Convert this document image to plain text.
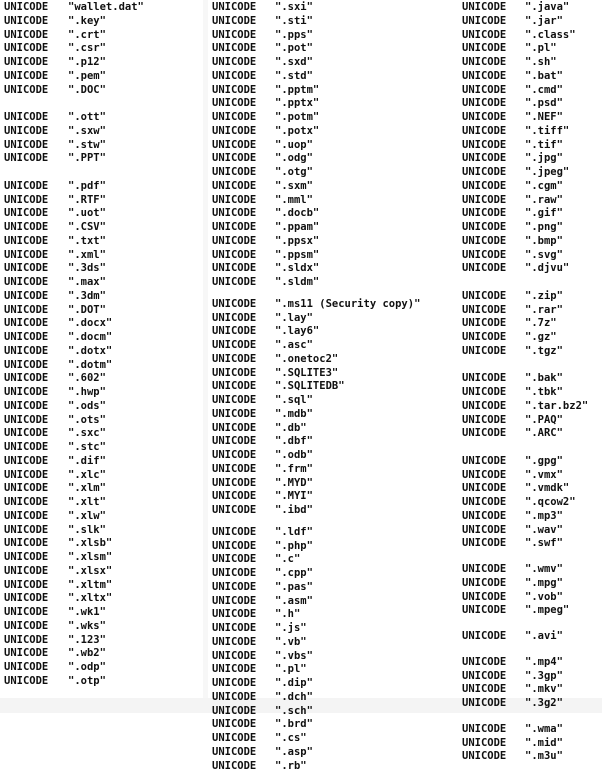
UNICODE "wallet.dat"
UNICODE ".key"
UNICODE ".crt"
UNICODE ".csr"
UNICODE ".p12"
UNICODE ".pem"
UNICODE ".DOC"
UNICODE ".ott"
UNICODE ".sxw"
UNICODE ".stw"
UNICODE ".PPT"
UNICODE ".pdf"
UNICODE ".RTF"
UNICODE ".uot"
UNICODE ".CSV"
UNICODE ".txt"
UNICODE ".xml"
UNICODE ".3ds"
UNICODE ".max"
UNICODE ".3dm"
UNICODE ".DOT"
UNICODE ".docx"
UNICODE ".docm"
UNICODE ".dotx"
UNICODE ".dotm"
UNICODE ".602"
UNICODE ".hwp"
UNICODE ".ods"
UNICODE ".ots"
UNICODE ".sxc"
UNICODE ".stc"
UNICODE ".dif"
UNICODE ".xlc"
UNICODE ".xlm"
UNICODE ".xlt"
UNICODE ".xlw"
UNICODE ".slk"
UNICODE ".xlsb"
UNICODE ".xlsm"
UNICODE ".xlsx"
UNICODE ".xltm"
UNICODE ".xltx"
UNICODE ".wk1"
UNICODE ".wks"
UNICODE ".123"
UNICODE ".wb2"
UNICODE ".odp"
UNICODE ".otp"
UNICODE ".sxi"
UNICODE ".sti"
UNICODE ".pps"
UNICODE ".pot"
UNICODE ".sxd"
UNICODE ".std"
UNICODE ".pptm"
UNICODE ".pptx"
UNICODE ".potm"
UNICODE ".potx"
UNICODE ".uop"
UNICODE ".odg"
UNICODE ".otg"
UNICODE ".sxm"
UNICODE ".mml"
UNICODE ".docb"
UNICODE ".ppam"
UNICODE ".ppsx"
UNICODE ".ppsm"
UNICODE ".sldx"
UNICODE ".sldm"
UNICODE ".ms11 (Security copy)"
UNICODE ".lay"
UNICODE ".lay6"
UNICODE ".asc"
UNICODE ".onetoc2"
UNICODE ".SQLITE3"
UNICODE ".SQLITEDB"
UNICODE ".sql"
UNICODE ".mdb"
UNICODE ".db"
UNICODE ".dbf"
UNICODE ".odb"
UNICODE ".frm"
UNICODE ".MYD"
UNICODE ".MYI"
UNICODE ".ibd"
UNICODE ".ldf"
UNICODE ".php"
UNICODE ".c"
UNICODE ".cpp"
UNICODE ".pas"
UNICODE ".asm"
UNICODE ".h"
UNICODE ".js"
UNICODE ".vb"
UNICODE ".vbs"
UNICODE ".pl"
UNICODE ".dip"
UNICODE ".dch"
UNICODE ".sch"
UNICODE ".brd"
UNICODE ".cs"
UNICODE ".asp"
UNICODE ".rb"
UNICODE ".java"
UNICODE ".jar"
UNICODE ".class"
UNICODE ".pl"
UNICODE ".sh"
UNICODE ".bat"
UNICODE ".cmd"
UNICODE ".psd"
UNICODE ".NEF"
UNICODE ".tiff"
UNICODE ".tif"
UNICODE ".jpg"
UNICODE ".jpeg"
UNICODE ".cgm"
UNICODE ".raw"
UNICODE ".gif"
UNICODE ".png"
UNICODE ".bmp"
UNICODE ".svg"
UNICODE ".djvu"
UNICODE ".zip"
UNICODE ".rar"
UNICODE ".7z"
UNICODE ".gz"
UNICODE ".tgz"
UNICODE ".bak"
UNICODE ".tbk"
UNICODE ".tar.bz2"
UNICODE ".PAQ"
UNICODE ".ARC"
UNICODE ".gpg"
UNICODE ".vmx"
UNICODE ".vmdk"
UNICODE ".qcow2"
UNICODE ".mp3"
UNICODE ".wav"
UNICODE ".swf"
UNICODE ".wmv"
UNICODE ".mpg"
UNICODE ".vob"
UNICODE ".mpeg"
UNICODE ".avi"
UNICODE ".mp4"
UNICODE ".3gp"
UNICODE ".mkv"
UNICODE ".3g2"
UNICODE ".wma"
UNICODE ".mid"
UNICODE ".m3u"
